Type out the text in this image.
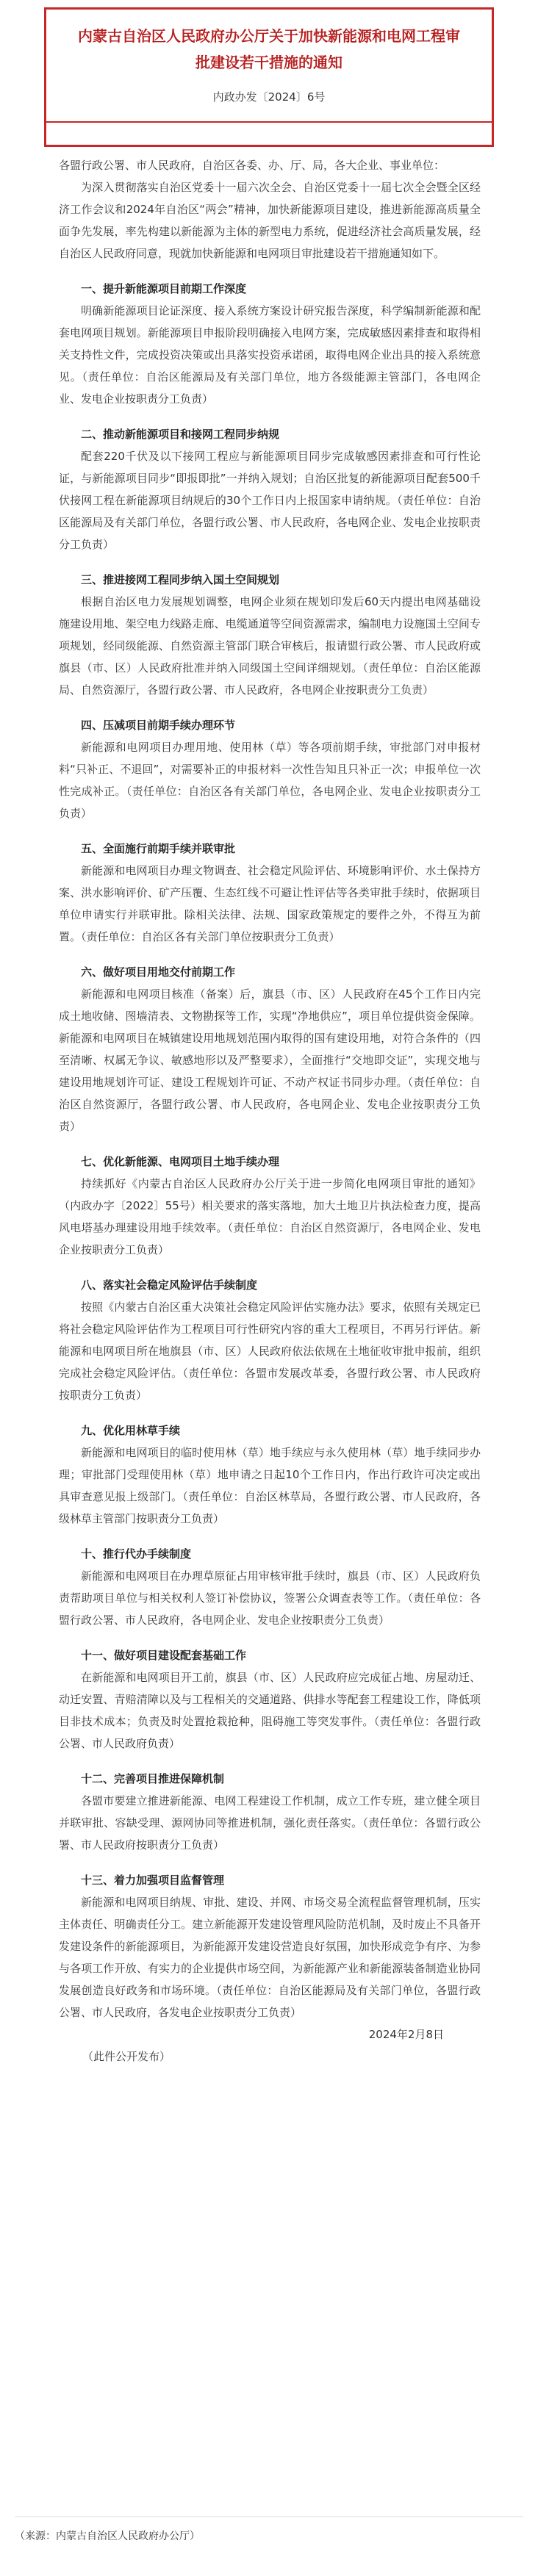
内蒙古自治区人民政府办公厅关于加快新能源和电网工程审批建设若干措施的通知
内政办发〔2024〕6号

各盟行政公署、市人民政府，自治区各委、办、厅、局，各大企业、事业单位：

为深入贯彻落实自治区党委十一届六次全会、自治区党委十一届七次全会暨全区经济工作会议和2024年自治区“两会”精神，加快新能源项目建设，推进新能源高质量全面争先发展，率先构建以新能源为主体的新型电力系统，促进经济社会高质量发展，经自治区人民政府同意，现就加快新能源和电网项目审批建设若干措施通知如下。

一、提升新能源项目前期工作深度

明确新能源项目论证深度、接入系统方案设计研究报告深度，科学编制新能源和配套电网项目规划。新能源项目申报阶段明确接入电网方案，完成敏感因素排查和取得相关支持性文件，完成投资决策或出具落实投资承诺函，取得电网企业出具的接入系统意见。（责任单位：自治区能源局及有关部门单位，地方各级能源主管部门，各电网企业、发电企业按职责分工负责）

二、推动新能源项目和接网工程同步纳规

配套220千伏及以下接网工程应与新能源项目同步完成敏感因素排查和可行性论证，与新能源项目同步“即报即批”一并纳入规划；自治区批复的新能源项目配套500千伏接网工程在新能源项目纳规后的30个工作日内上报国家申请纳规。（责任单位：自治区能源局及有关部门单位，各盟行政公署、市人民政府，各电网企业、发电企业按职责分工负责）

三、推进接网工程同步纳入国土空间规划

根据自治区电力发展规划调整，电网企业须在规划印发后60天内提出电网基础设施建设用地、架空电力线路走廊、电缆通道等空间资源需求，编制电力设施国土空间专项规划，经同级能源、自然资源主管部门联合审核后，报请盟行政公署、市人民政府或旗县（市、区）人民政府批准并纳入同级国土空间详细规划。（责任单位：自治区能源局、自然资源厅，各盟行政公署、市人民政府，各电网企业按职责分工负责）

四、压减项目前期手续办理环节

新能源和电网项目办理用地、使用林（草）等各项前期手续，审批部门对申报材料“只补正、不退回”，对需要补正的申报材料一次性告知且只补正一次；申报单位一次性完成补正。（责任单位：自治区各有关部门单位，各电网企业、发电企业按职责分工负责）

五、全面施行前期手续并联审批

新能源和电网项目办理文物调查、社会稳定风险评估、环境影响评价、水土保持方案、洪水影响评价、矿产压覆、生态红线不可避让性评估等各类审批手续时，依据项目单位申请实行并联审批。除相关法律、法规、国家政策规定的要件之外，不得互为前置。（责任单位：自治区各有关部门单位按职责分工负责）

六、做好项目用地交付前期工作

新能源和电网项目核准（备案）后，旗县（市、区）人民政府在45个工作日内完成土地收储、图墙清表、文物勘探等工作，实现“净地供应”，项目单位提供资金保障。新能源和电网项目在城镇建设用地规划范围内取得的国有建设用地，对符合条件的（四至清晰、权属无争议、敏感地形以及严整要求），全面推行“交地即交证”，实现交地与建设用地规划许可证、建设工程规划许可证、不动产权证书同步办理。（责任单位：自治区自然资源厅，各盟行政公署、市人民政府，各电网企业、发电企业按职责分工负责）

七、优化新能源、电网项目土地手续办理

持续抓好《内蒙古自治区人民政府办公厅关于进一步简化电网项目审批的通知》（内政办字〔2022〕55号）相关要求的落实落地，加大土地卫片执法检查力度，提高风电塔基办理建设用地手续效率。（责任单位：自治区自然资源厅，各电网企业、发电企业按职责分工负责）

八、落实社会稳定风险评估手续制度

按照《内蒙古自治区重大决策社会稳定风险评估实施办法》要求，依照有关规定已将社会稳定风险评估作为工程项目可行性研究内容的重大工程项目，不再另行评估。新能源和电网项目所在地旗县（市、区）人民政府依法依规在土地征收审批申报前，组织完成社会稳定风险评估。（责任单位：各盟市发展改革委，各盟行政公署、市人民政府按职责分工负责）

九、优化用林草手续

新能源和电网项目的临时使用林（草）地手续应与永久使用林（草）地手续同步办理；审批部门受理使用林（草）地申请之日起10个工作日内，作出行政许可决定或出具审查意见报上级部门。（责任单位：自治区林草局，各盟行政公署、市人民政府，各级林草主管部门按职责分工负责）

十、推行代办手续制度

新能源和电网项目在办理草原征占用审核审批手续时，旗县（市、区）人民政府负责帮助项目单位与相关权利人签订补偿协议，签署公众调查表等工作。（责任单位：各盟行政公署、市人民政府，各电网企业、发电企业按职责分工负责）

十一、做好项目建设配套基础工作

在新能源和电网项目开工前，旗县（市、区）人民政府应完成征占地、房屋动迁、动迁安置、青赔清障以及与工程相关的交通道路、供排水等配套工程建设工作，降低项目非技术成本；负责及时处置抢栽抢种，阻碍施工等突发事件。（责任单位：各盟行政公署、市人民政府负责）

十二、完善项目推进保障机制

各盟市要建立推进新能源、电网工程建设工作机制，成立工作专班，建立健全项目并联审批、容缺受理、源网协同等推进机制，强化责任落实。（责任单位：各盟行政公署、市人民政府按职责分工负责）

十三、着力加强项目监督管理

新能源和电网项目纳规、审批、建设、并网、市场交易全流程监督管理机制，压实主体责任、明确责任分工。建立新能源开发建设管理风险防范机制，及时废止不具备开发建设条件的新能源项目，为新能源开发建设营造良好氛围，加快形成竞争有序、为参与各项工作开放、有实力的企业提供市场空间，为新能源产业和新能源装备制造业协同发展创造良好政务和市场环境。（责任单位：自治区能源局及有关部门单位，各盟行政公署、市人民政府，各发电企业按职责分工负责）

2024年2月8日

（此件公开发布）

（来源：内蒙古自治区人民政府办公厅）
